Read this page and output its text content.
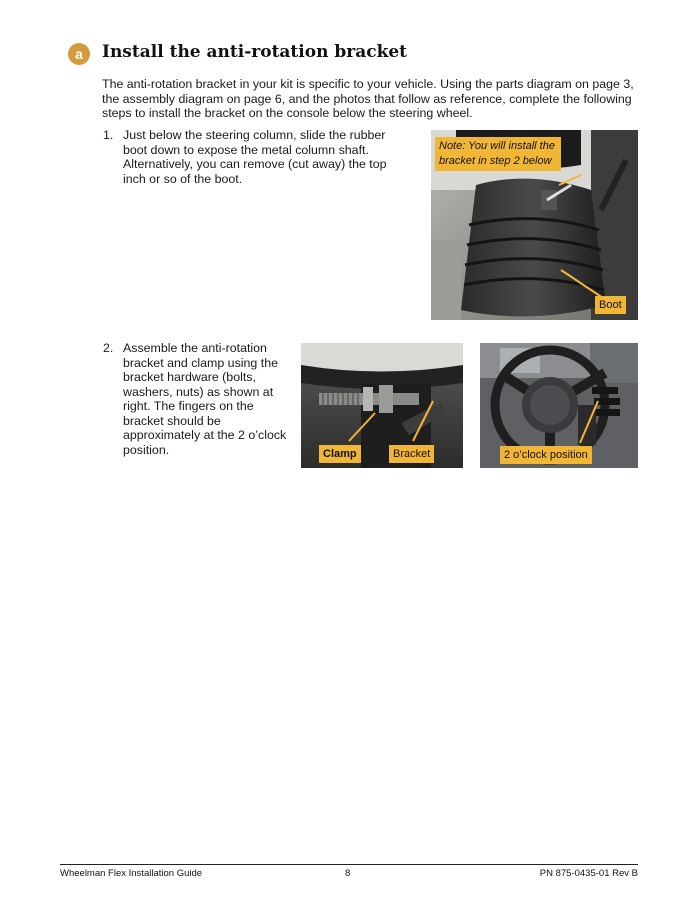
a	Install the anti-rotation bracket
The anti-rotation bracket in your kit is specific to your vehicle. Using the parts diagram on page 3, the assembly diagram on page 6, and the photos that follow as reference, complete the following steps to install the bracket on the console below the steering wheel.
1. Just below the steering column, slide the rubber boot down to expose the metal column shaft. Alternatively, you can remove (cut away) the top inch or so of the boot.
Note: You will install the bracket in step 2 below
Boot
2. Assemble the anti-rotation bracket and clamp using the bracket hardware (bolts, washers, nuts) as shown at right. The fingers on the bracket should be approximately at the 2 o’clock position.	Clamp	Bracket	2 o’clock position
Wheelman Flex Installation Guide	8	PN 875-0435-01 Rev B
